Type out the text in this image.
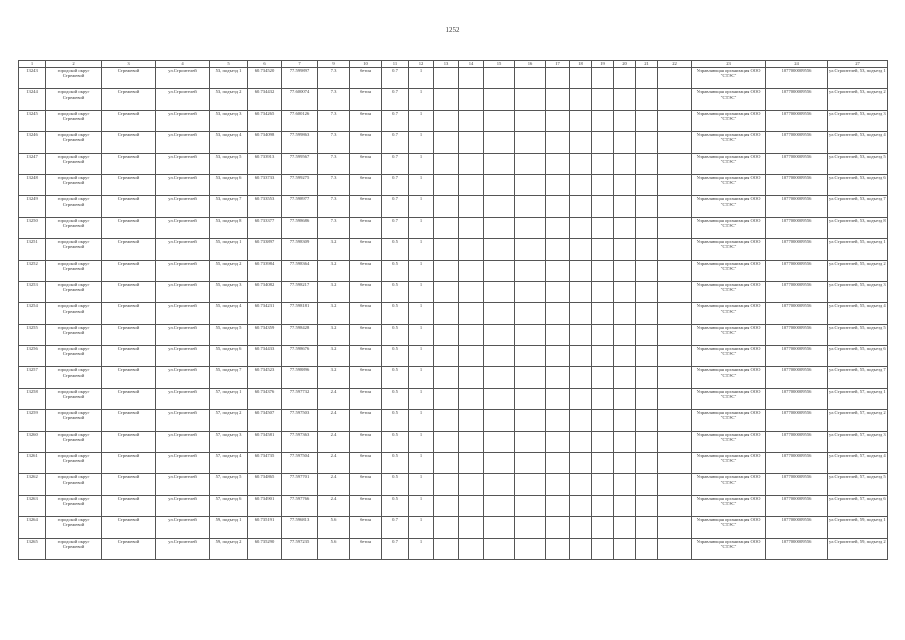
1252
1	2	3	4	5	6	7	9	10	11	12	13	14	15	16	17	18	19	20	21	22	23	24	27
13243	городской округ Стрежевой	Стрежевой	ул.Строителей	53, подъезд 1	60.734520	77.599897	7.3	бетон	0.7	1											Управляющая организация ООО "СТЭС"	1077000009556	ул.Строителей, 53, подъезд 1
13244	городской округ Стрежевой	Стрежевой	ул.Строителей	53, подъезд 2	60.734432	77.600074	7.3	бетон	0.7	1											Управляющая организация ООО "СТЭС"	1077000009556	ул.Строителей, 53, подъезд 2
13245	городской округ Стрежевой	Стрежевой	ул.Строителей	53, подъезд 3	60.734265	77.600126	7.3	бетон	0.7	1											Управляющая организация ООО "СТЭС"	1077000009556	ул.Строителей, 53, подъезд 3
13246	городской округ Стрежевой	Стрежевой	ул.Строителей	53, подъезд 4	60.734098	77.599863	7.3	бетон	0.7	1											Управляющая организация ООО "СТЭС"	1077000009556	ул.Строителей, 53, подъезд 4
13247	городской округ Стрежевой	Стрежевой	ул.Строителей	53, подъезд 5	60.733913	77.599567	7.3	бетон	0.7	1											Управляющая организация ООО "СТЭС"	1077000009556	ул.Строителей, 53, подъезд 5
13248	городской округ Стрежевой	Стрежевой	ул.Строителей	53, подъезд 6	60.733733	77.599275	7.3	бетон	0.7	1											Управляющая организация ООО "СТЭС"	1077000009556	ул.Строителей, 53, подъезд 6
13249	городской округ Стрежевой	Стрежевой	ул.Строителей	53, подъезд 7	60.733553	77.598977	7.3	бетон	0.7	1											Управляющая организация ООО "СТЭС"	1077000009556	ул.Строителей, 53, подъезд 7
13250	городской округ Стрежевой	Стрежевой	ул.Строителей	53, подъезд 8	60.733377	77.598686	7.3	бетон	0.7	1											Управляющая организация ООО "СТЭС"	1077000009556	ул.Строителей, 53, подъезд 8
13251	городской округ Стрежевой	Стрежевой	ул.Строителей	55, подъезд 1	60.733897	77.598309	3.2	бетон	0.5	1											Управляющая организация ООО "СТЭС"	1077000009556	ул.Строителей, 55, подъезд 1
13252	городской округ Стрежевой	Стрежевой	ул.Строителей	55, подъезд 2	60.733984	77.598364	3.2	бетон	0.5	1											Управляющая организация ООО "СТЭС"	1077000009556	ул.Строителей, 55, подъезд 2
13253	городской округ Стрежевой	Стрежевой	ул.Строителей	55, подъезд 3	60.734082	77.598217	3.2	бетон	0.5	1											Управляющая организация ООО "СТЭС"	1077000009556	ул.Строителей, 55, подъезд 3
13254	городской округ Стрежевой	Стрежевой	ул.Строителей	55, подъезд 4	60.734231	77.598181	3.2	бетон	0.5	1											Управляющая организация ООО "СТЭС"	1077000009556	ул.Строителей, 55, подъезд 4
13255	городской округ Стрежевой	Стрежевой	ул.Строителей	55, подъезд 5	60.734359	77.598428	3.2	бетон	0.5	1											Управляющая организация ООО "СТЭС"	1077000009556	ул.Строителей, 55, подъезд 5
13256	городской округ Стрежевой	Стрежевой	ул.Строителей	55, подъезд 6	60.734433	77.598676	3.2	бетон	0.5	1											Управляющая организация ООО "СТЭС"	1077000009556	ул.Строителей, 55, подъезд 6
13257	городской округ Стрежевой	Стрежевой	ул.Строителей	55, подъезд 7	60.734523	77.598896	3.2	бетон	0.5	1											Управляющая организация ООО "СТЭС"	1077000009556	ул.Строителей, 55, подъезд 7
13258	городской округ Стрежевой	Стрежевой	ул.Строителей	57, подъезд 1	60.734376	77.597732	2.4	бетон	0.5	1											Управляющая организация ООО "СТЭС"	1077000009556	ул.Строителей, 57, подъезд 1
13259	городской округ Стрежевой	Стрежевой	ул.Строителей	57, подъезд 2	60.734507	77.597503	2.4	бетон	0.5	1											Управляющая организация ООО "СТЭС"	1077000009556	ул.Строителей, 57, подъезд 2
13260	городской округ Стрежевой	Стрежевой	ул.Строителей	57, подъезд 3	60.734581	77.597363	2.4	бетон	0.5	1											Управляющая организация ООО "СТЭС"	1077000009556	ул.Строителей, 57, подъезд 3
13261	городской округ Стрежевой	Стрежевой	ул.Строителей	57, подъезд 4	60.734735	77.597504	2.4	бетон	0.5	1											Управляющая организация ООО "СТЭС"	1077000009556	ул.Строителей, 57, подъезд 4
13262	городской округ Стрежевой	Стрежевой	ул.Строителей	57, подъезд 5	60.734865	77.597701	2.4	бетон	0.5	1											Управляющая организация ООО "СТЭС"	1077000009556	ул.Строителей, 57, подъезд 5
13263	городской округ Стрежевой	Стрежевой	ул.Строителей	57, подъезд 6	60.734901	77.597766	2.4	бетон	0.5	1											Управляющая организация ООО "СТЭС"	1077000009556	ул.Строителей, 57, подъезд 6
13264	городской округ Стрежевой	Стрежевой	ул.Строителей	59, подъезд 1	60.735191	77.596813	5.6	бетон	0.7	1											Управляющая организация ООО "СТЭС"	1077000009556	ул.Строителей, 59, подъезд 1
13265	городской округ Стрежевой	Стрежевой	ул.Строителей	59, подъезд 2	60.735290	77.597235	5.6	бетон	0.7	1											Управляющая организация ООО "СТЭС"	1077000009556	ул.Строителей, 59, подъезд 2
